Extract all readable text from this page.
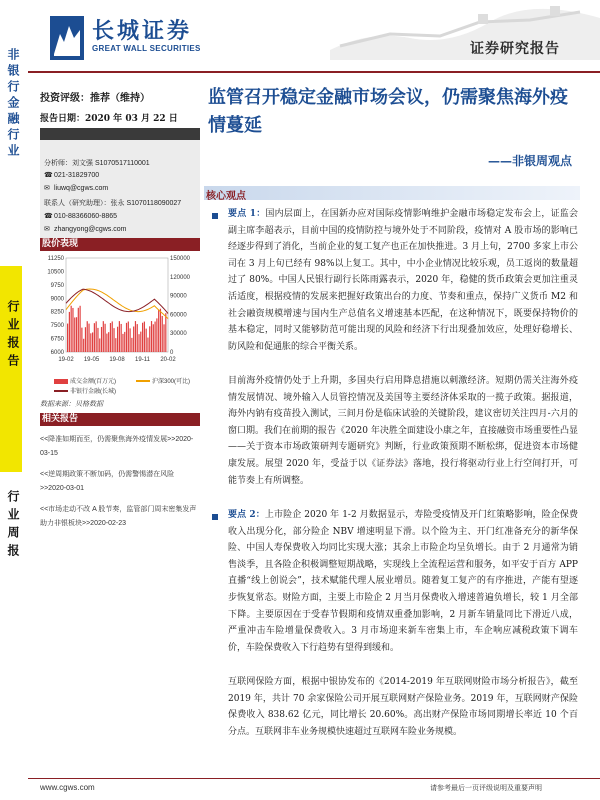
长城证券
GREAT WALL SECURITIES	证券研究报告
非银行金融行业
行业报告
行业周报
投资评级：推荐（维持）
报告日期：2020 年 03 月 22 日
分析师：刘文强 S1070517110001
☎021-31829700
✉ liuwq@cgws.com
联系人（研究助理）：张永 S1070118090027
☎010-88366060-8865
✉ zhangyong@cgws.com
股价表现
11250
10500
9750
9000
8250
7500
6750
6000
150000
120000
90000
60000
30000
0
19-02 19-05 19-08 19-11 20-02
成交金额(百万元)	沪深300(可比)
非银行金融(长城)
数据来源：贝格数据
相关报告
<<降准如期而至，仍需聚焦海外疫情发展>>2020-03-15
<<逆周期政策不断加码，仍需警惕潜在风险>>2020-03-01
<<市场走动不改 A 股节奏，监管部门周末密集发声助力非银板块>>2020-02-23
监管召开稳定金融市场会议，仍需聚焦海外疫情蔓延
——非银周观点
核心观点
要点 1：国内层面上，在国新办应对国际疫情影响维护金融市场稳定发布会上，证监会副主席李超表示，目前中国的疫情防控与境外处于不同阶段，疫情对 A 股市场的影响已经逐步得到了消化，当前企业的复工复产也正在加快推进。3 月上旬，2700 多家上市公司在 3 月上旬已经有 98%以上复工。其中，中小企业情况比较乐观，员工返岗的数量超过了 80%。中国人民银行副行长陈雨露表示，2020 年，稳健的货币政策会更加注重灵活适度，根据疫情的发展来把握好政策出台的力度、节奏和重点，保持广义货币 M2 和社会融资规模增速与国内生产总值名义增速基本匹配，在这种情况下，既要保持物价的基本稳定，同时又能够防范可能出现的风险和经济下行出现叠加效应，处理好稳增长、防风险和促通胀的综合平衡关系。
目前海外疫情仍处于上升期，多国央行启用降息措施以刺激经济。短期仍需关注海外疫情发展情况、境外输入人员管控情况及美国等主要经济体采取的一揽子政策。据报道，海外内钠有疫苗投入测试，三间月份是临床试验的关键阶段，建议密切关注四月-六月的窗口期。我们在前期的报告《2020 年决胜全面建设小康之年，直接融资市场重要性凸显——关于资本市场政策研判专题研究》判断，行业政策预期不断松绑，促进资本市场健康发展。展望 2020 年，受益于以《证券法》落地，投行将驱动行业上行空间打开，可能节奏上有所调整。
要点 2：上市险企 2020 年 1-2 月数据显示，寿险受疫情及开门红策略影响，险企保费收入出现分化，部分险企 NBV 增速明显下滑。以个险为主、开门红准备充分的新华保险、中国人寿保费收入均同比实现大涨；其余上市险企均呈负增长。由于 2 月通常为销售淡季，且各险企积极调整短期战略，实现线上全流程运营和服务，如平安于百方 APP 直播“线上创说会”，技术赋能代理人展业增员。随着复工复产的有序推进，产能有望逐步恢复常态。财险方面，主要上市险企 2 月当月保费收入增速普遍负增长，较 1 月全部下降。主要原因在于受春节假期和疫情双重叠加影响，2 月新车销量同比下滑近八成，严重冲击车险增量保费收入。3 月市场迎来新车密集上市，车企响应减税政策下调车价，车险保费收入下行趋势有望得到缓和。
互联网保险方面，根据中银协发布的《2014-2019 年互联网财险市场分析报告》，截至 2019 年，共计 70 余家保险公司开展互联网财产保险业务。2019 年，互联网财产保险保费收入 838.62 亿元，同比增长 20.60%。高出财产保险市场同期增长率近 10 个百分点。互联网非车业务规模快速超过互联网车险业务规模。
www.cgws.com	请参考最后一页评级说明及重要声明
